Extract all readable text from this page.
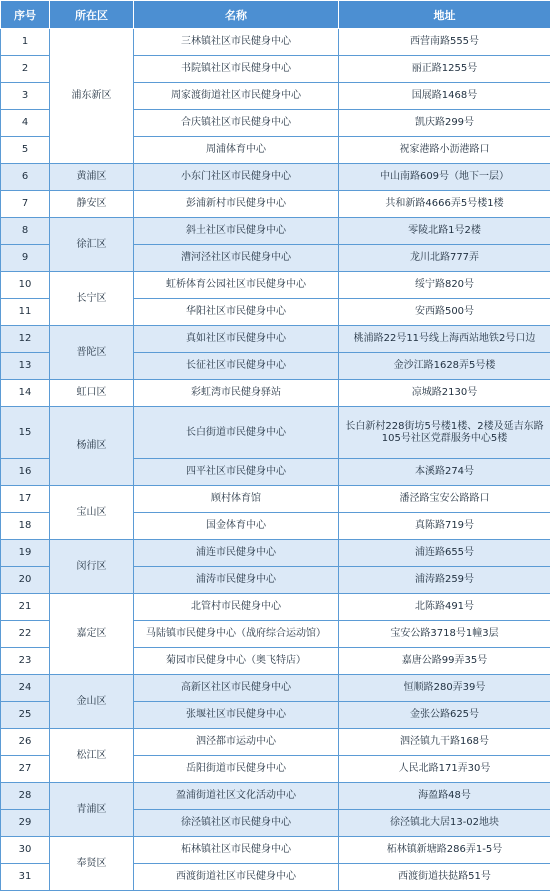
序号	所在区	名称	地址
1	浦东新区	三林镇社区市民健身中心	西营南路555号
2		书院镇社区市民健身中心	丽正路1255号
3		周家渡街道社区市民健身中心	国展路1468号
4		合庆镇社区市民健身中心	凯庆路299号
5		周浦体育中心	祝家港路小沥港路口
6	黄浦区	小东门社区市民健身中心	中山南路609号（地下一层）
7	静安区	彭浦新村市民健身中心	共和新路4666弄5号楼1楼
8	徐汇区	斜土社区市民健身中心	零陵北路1号2楼
9		漕河泾社区市民健身中心	龙川北路777弄
10	长宁区	虹桥体育公园社区市民健身中心	绥宁路820号
11		华阳社区市民健身中心	安西路500号
12	普陀区	真如社区市民健身中心	桃浦路22号11号线上海西站地铁2号口边
13		长征社区市民健身中心	金沙江路1628弄5号楼
14	虹口区	彩虹湾市民健身驿站	凉城路2130号
15	杨浦区	长白街道市民健身中心	长白新村228街坊5号楼1楼、2楼及延吉东路105号社区党群服务中心5楼
16		四平社区市民健身中心	本溪路274号
17	宝山区	顾村体育馆	潘泾路宝安公路路口
18		国金体育中心	真陈路719号
19	闵行区	浦连市民健身中心	浦连路655号
20		浦涛市民健身中心	浦涛路259号
21	嘉定区	北管村市民健身中心	北陈路491号
22		马陆镇市民健身中心（战府综合运动馆）	宝安公路3718号1幢3层
23		菊园市民健身中心（奥飞特店）	嘉唐公路99弄35号
24	金山区	高新区社区市民健身中心	恒顺路280弄39号
25		张堰社区市民健身中心	金张公路625号
26	松江区	泗泾都市运动中心	泗泾镇九干路168号
27		岳阳街道市民健身中心	人民北路171弄30号
28	青浦区	盈浦街道社区文化活动中心	海盈路48号
29		徐泾镇社区市民健身中心	徐泾镇北大居13-02地块
30	奉贤区	柘林镇社区市民健身中心	柘林镇新塘路286弄1-5号
31		西渡街道社区市民健身中心	西渡街道扶挞路51号
